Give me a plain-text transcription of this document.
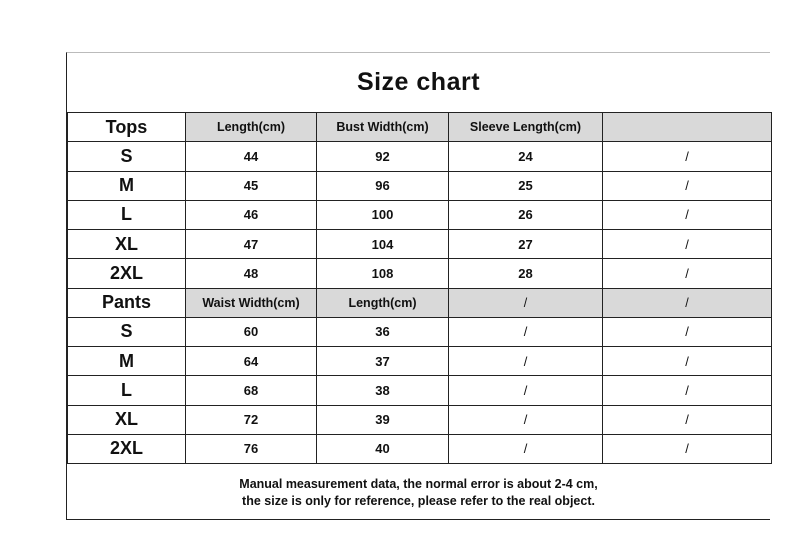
Size chart
Tops	Length(cm)	Bust Width(cm)	Sleeve Length(cm)	
S	44	92	24	/
M	45	96	25	/
L	46	100	26	/
XL	47	104	27	/
2XL	48	108	28	/
Pants	Waist Width(cm)	Length(cm)	/	/
S	60	36	/	/
M	64	37	/	/
L	68	38	/	/
XL	72	39	/	/
2XL	76	40	/	/
Manual measurement data, the normal error is about 2-4 cm,
the size is only for reference, please refer to the real object.
